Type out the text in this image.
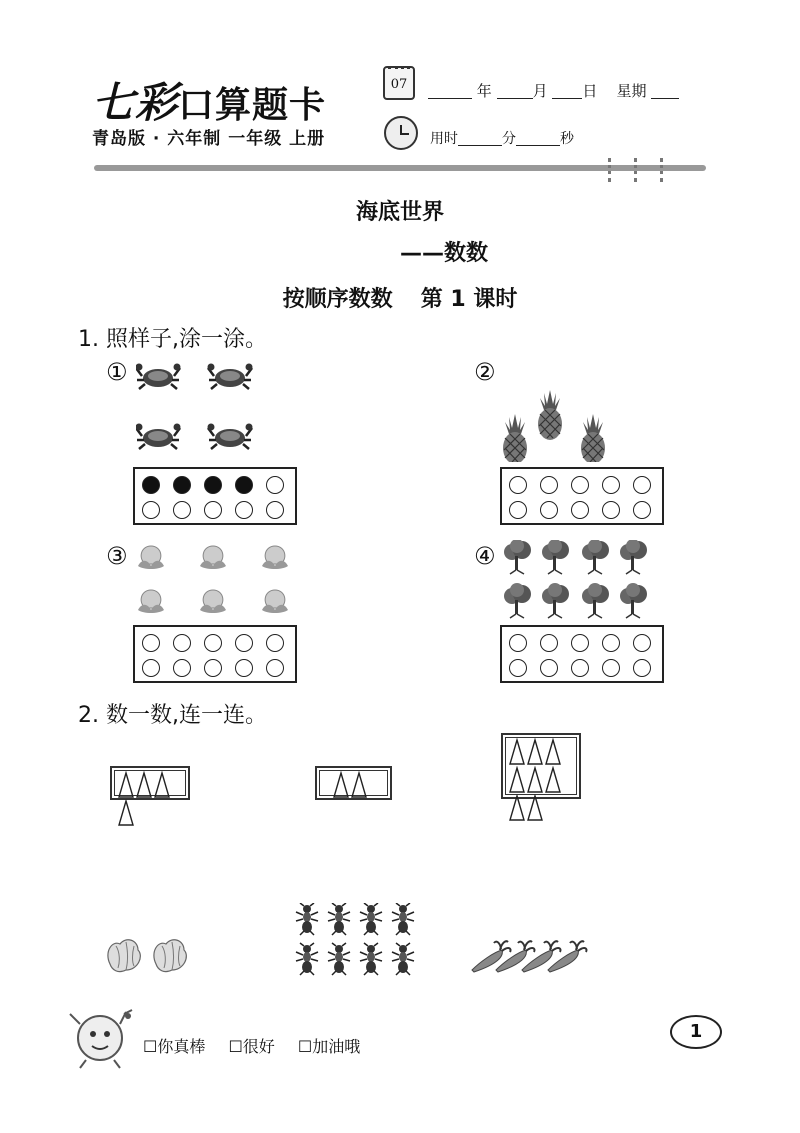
七彩口算题卡	07	年	月 日 星期
青岛版 · 六年制 一年级 上册	用时	分	秒
海底世界
——数数
按顺序数数 第 1 课时
1. 照样子,涂一涂。
①	②
③	④
2. 数一数,连一连。
☐你真棒 ☐很好 ☐加油哦
1
